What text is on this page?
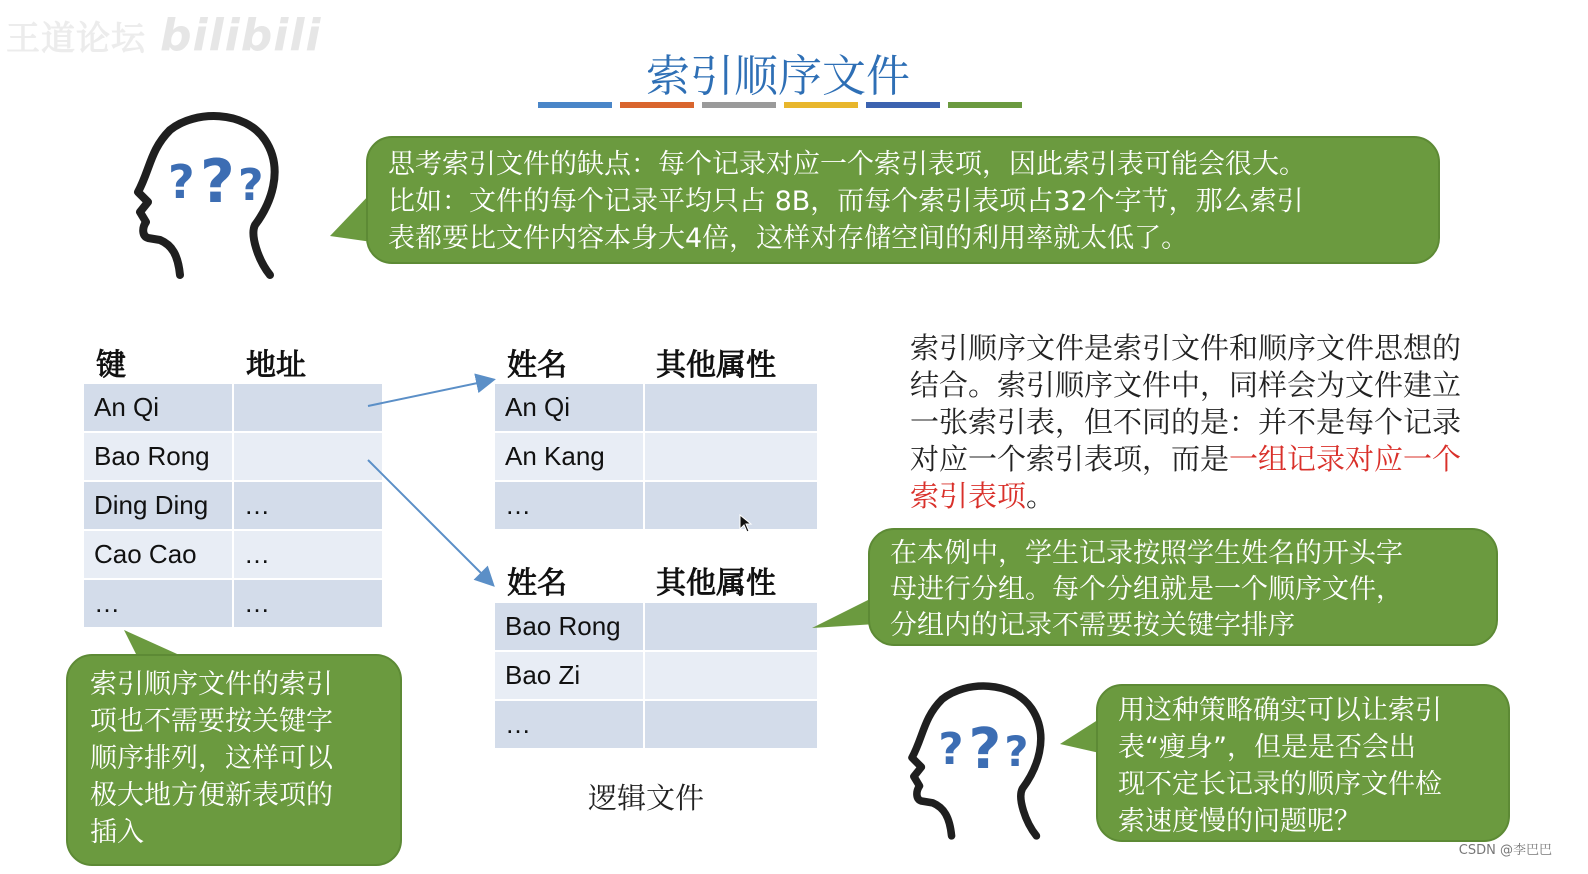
王道论坛 bilibili
索引顺序文件
? ? ?	思考索引文件的缺点：每个记录对应一个索引表项，因此索引表可能会很大。
比如：文件的每个记录平均只占 8B，而每个索引表项占32个字节，那么索引
表都要比文件内容本身大4倍，这样对存储空间的利用率就太低了。
键	地址
An Qi	
Bao Rong	
Ding Ding	…
Cao Cao	…
…	…
姓名	其他属性
An Qi	
An Kang	
…	
姓名	其他属性
Bao Rong	
Bao Zi	
…	
逻辑文件
索引顺序文件是索引文件和顺序文件思想的
结合。索引顺序文件中，同样会为文件建立
一张索引表，但不同的是：并不是每个记录
对应一个索引表项，而是一组记录对应一个
索引表项。
索引顺序文件的索引
项也不需要按关键字
顺序排列，这样可以
极大地方便新表项的
插入
在本例中，学生记录按照学生姓名的开头字
母进行分组。每个分组就是一个顺序文件，
分组内的记录不需要按关键字排序
? ? ?
用这种策略确实可以让索引
表“瘦身”，但是是否会出
现不定长记录的顺序文件检
索速度慢的问题呢？
CSDN @李巴巴
